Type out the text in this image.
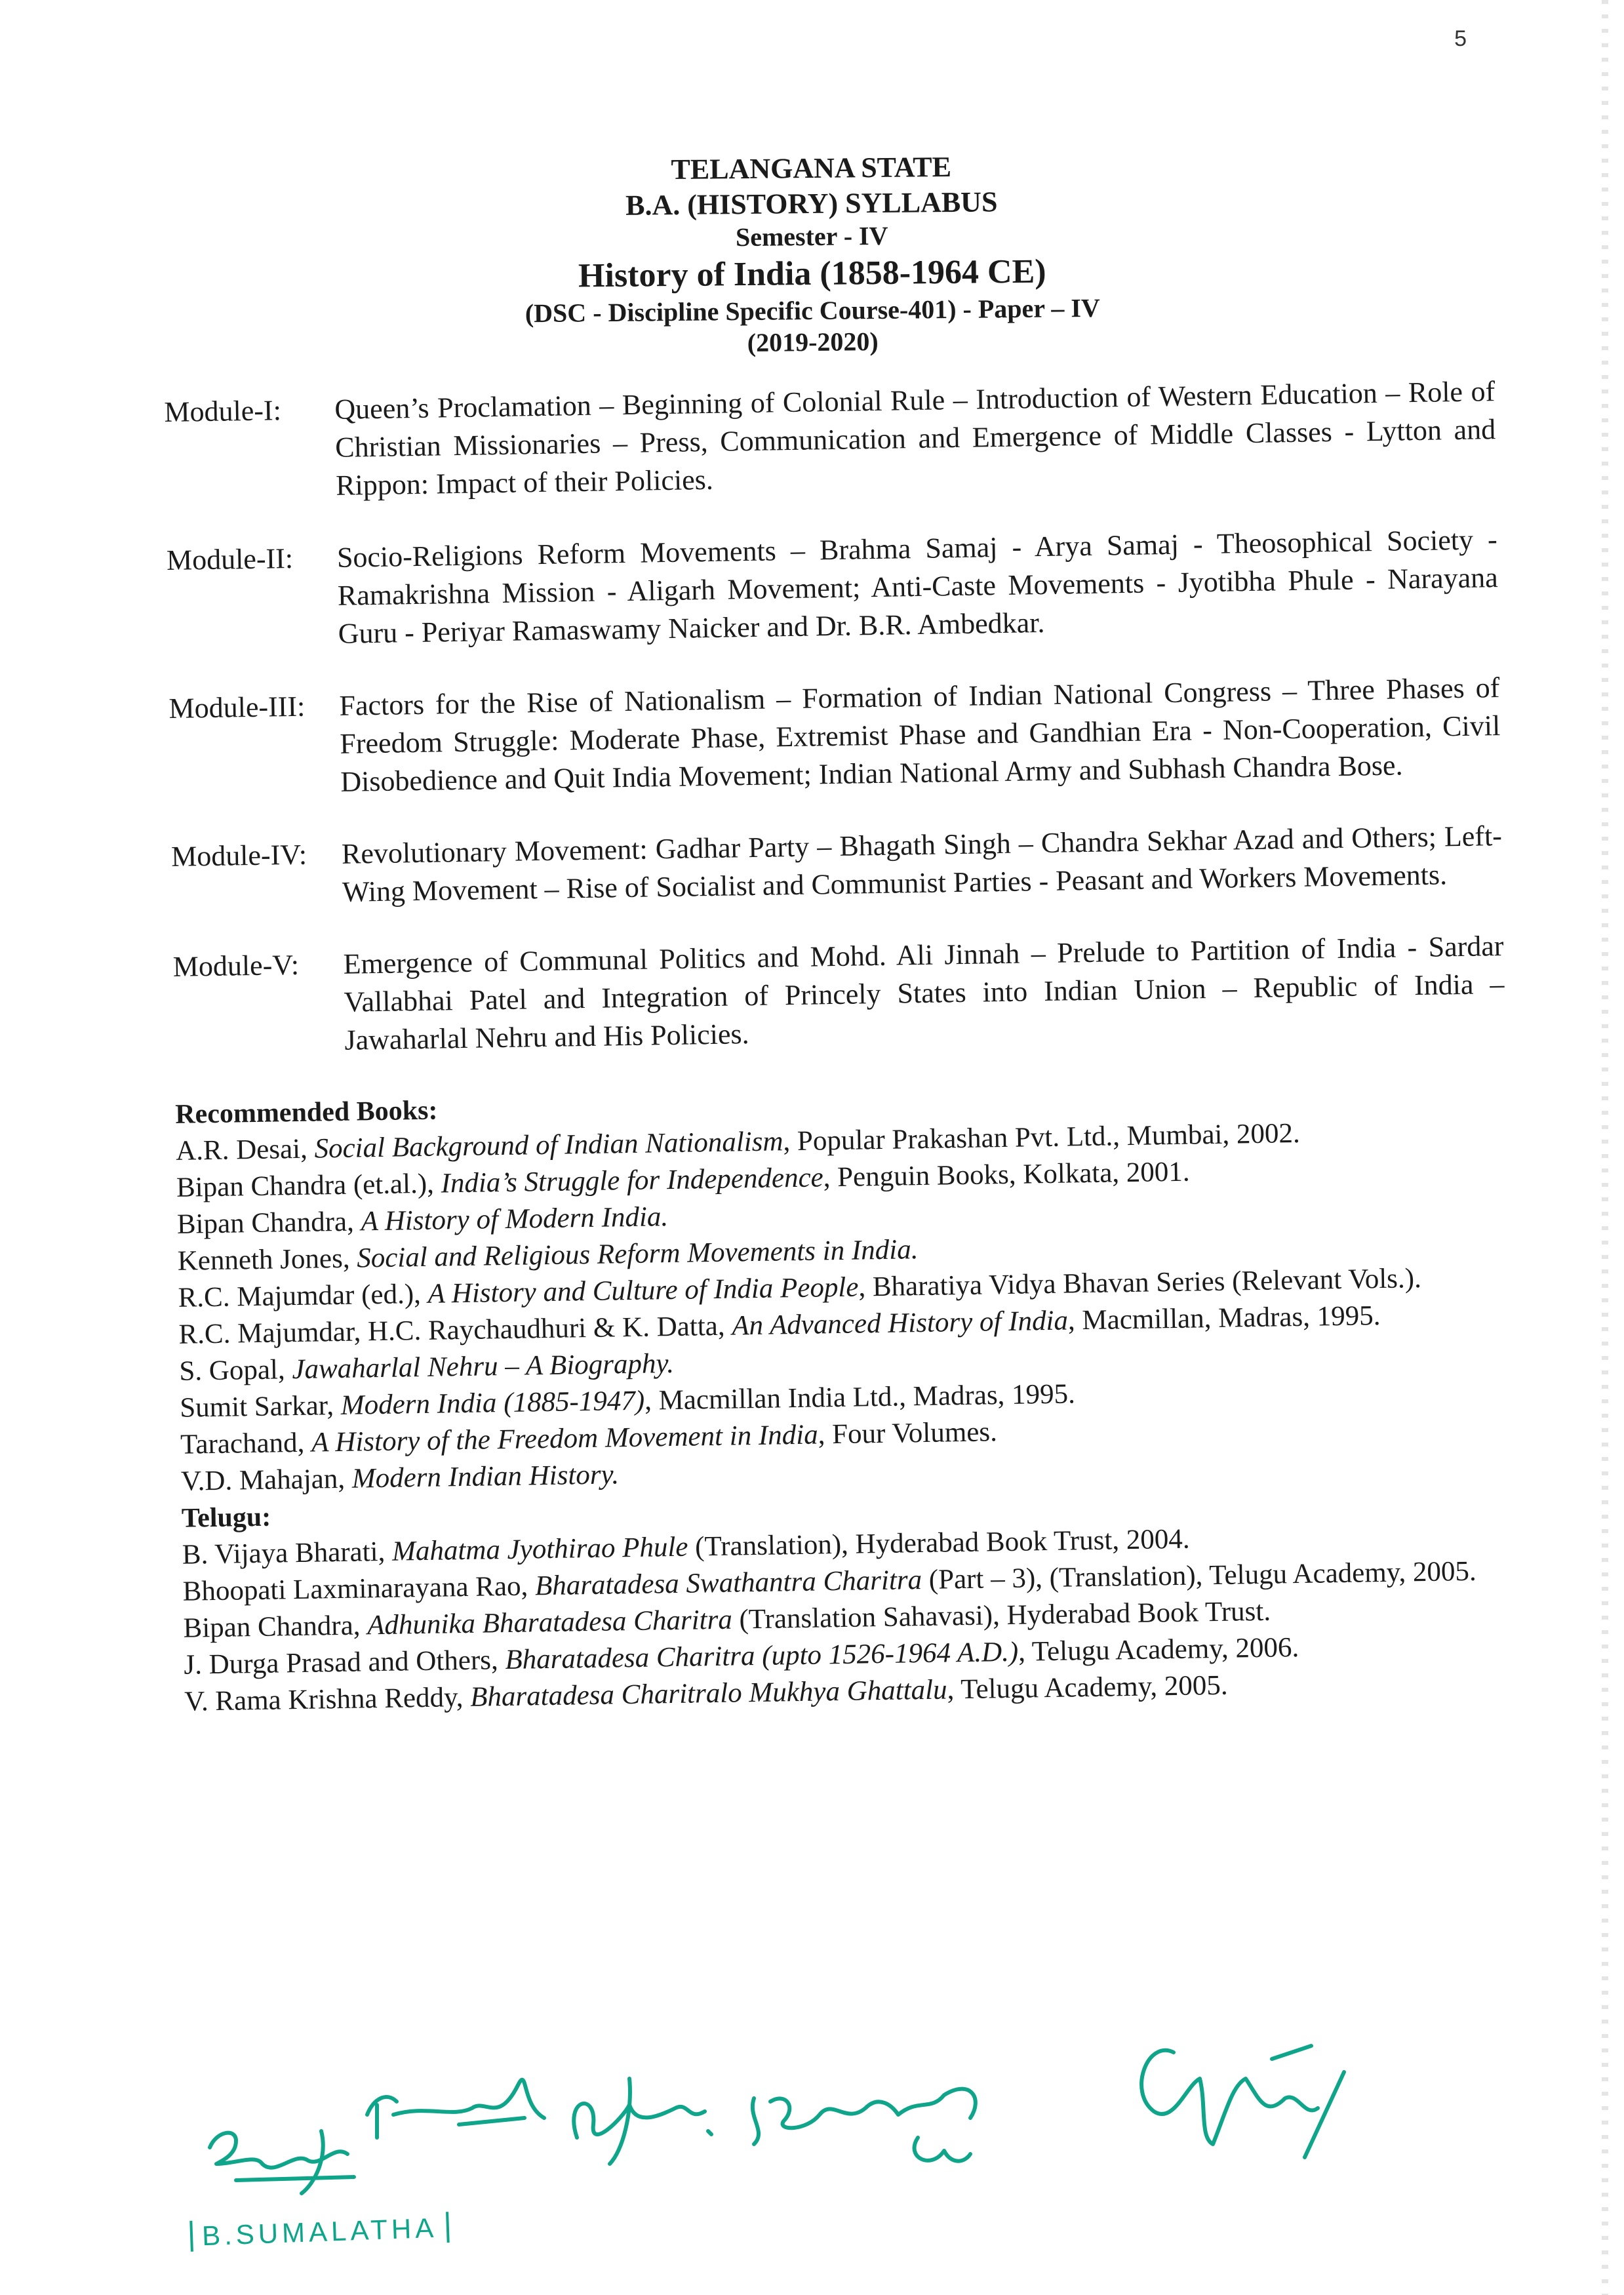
5
TELANGANA STATE
B.A. (HISTORY) SYLLABUS
Semester - IV
History of India (1858-1964 CE)
(DSC - Discipline Specific Course-401) - Paper – IV
(2019-2020)
Module-I:	Queen’s Proclamation – Beginning of Colonial Rule – Introduction of Western Education – Role of Christian Missionaries – Press, Communication and Emergence of Middle Classes - Lytton and Rippon: Impact of their Policies.
Module-II:	Socio-Religions Reform Movements – Brahma Samaj - Arya Samaj - Theosophical Society - Ramakrishna Mission - Aligarh Movement; Anti-Caste Movements - Jyotibha Phule - Narayana Guru - Periyar Ramaswamy Naicker and Dr. B.R. Ambedkar.
Module-III:	Factors for the Rise of Nationalism – Formation of Indian National Congress – Three Phases of Freedom Struggle: Moderate Phase, Extremist Phase and Gandhian Era - Non-Cooperation, Civil Disobedience and Quit India Movement; Indian National Army and Subhash Chandra Bose.
Module-IV:	Revolutionary Movement: Gadhar Party – Bhagath Singh – Chandra Sekhar Azad and Others; Left-Wing Movement – Rise of Socialist and Communist Parties - Peasant and Workers Movements.
Module-V:	Emergence of Communal Politics and Mohd. Ali Jinnah – Prelude to Partition of India - Sardar Vallabhai Patel and Integration of Princely States into Indian Union – Republic of India – Jawaharlal Nehru and His Policies.
Recommended Books:
A.R. Desai, Social Background of Indian Nationalism, Popular Prakashan Pvt. Ltd., Mumbai, 2002.
Bipan Chandra (et.al.), India’s Struggle for Independence, Penguin Books, Kolkata, 2001.
Bipan Chandra, A History of Modern India.
Kenneth Jones, Social and Religious Reform Movements in India.
R.C. Majumdar (ed.), A History and Culture of India People, Bharatiya Vidya Bhavan Series (Relevant Vols.).
R.C. Majumdar, H.C. Raychaudhuri & K. Datta, An Advanced History of India, Macmillan, Madras, 1995.
S. Gopal, Jawaharlal Nehru – A Biography.
Sumit Sarkar, Modern India (1885-1947), Macmillan India Ltd., Madras, 1995.
Tarachand, A History of the Freedom Movement in India, Four Volumes.
V.D. Mahajan, Modern Indian History.
Telugu:
B. Vijaya Bharati, Mahatma Jyothirao Phule (Translation), Hyderabad Book Trust, 2004.
Bhoopati Laxminarayana Rao, Bharatadesa Swathantra Charitra (Part – 3), (Translation), Telugu Academy, 2005.
Bipan Chandra, Adhunika Bharatadesa Charitra (Translation Sahavasi), Hyderabad Book Trust.
J. Durga Prasad and Others, Bharatadesa Charitra (upto 1526-1964 A.D.), Telugu Academy, 2006.
V. Rama Krishna Reddy, Bharatadesa Charitralo Mukhya Ghattalu, Telugu Academy, 2005.
B.SUMALATHA
